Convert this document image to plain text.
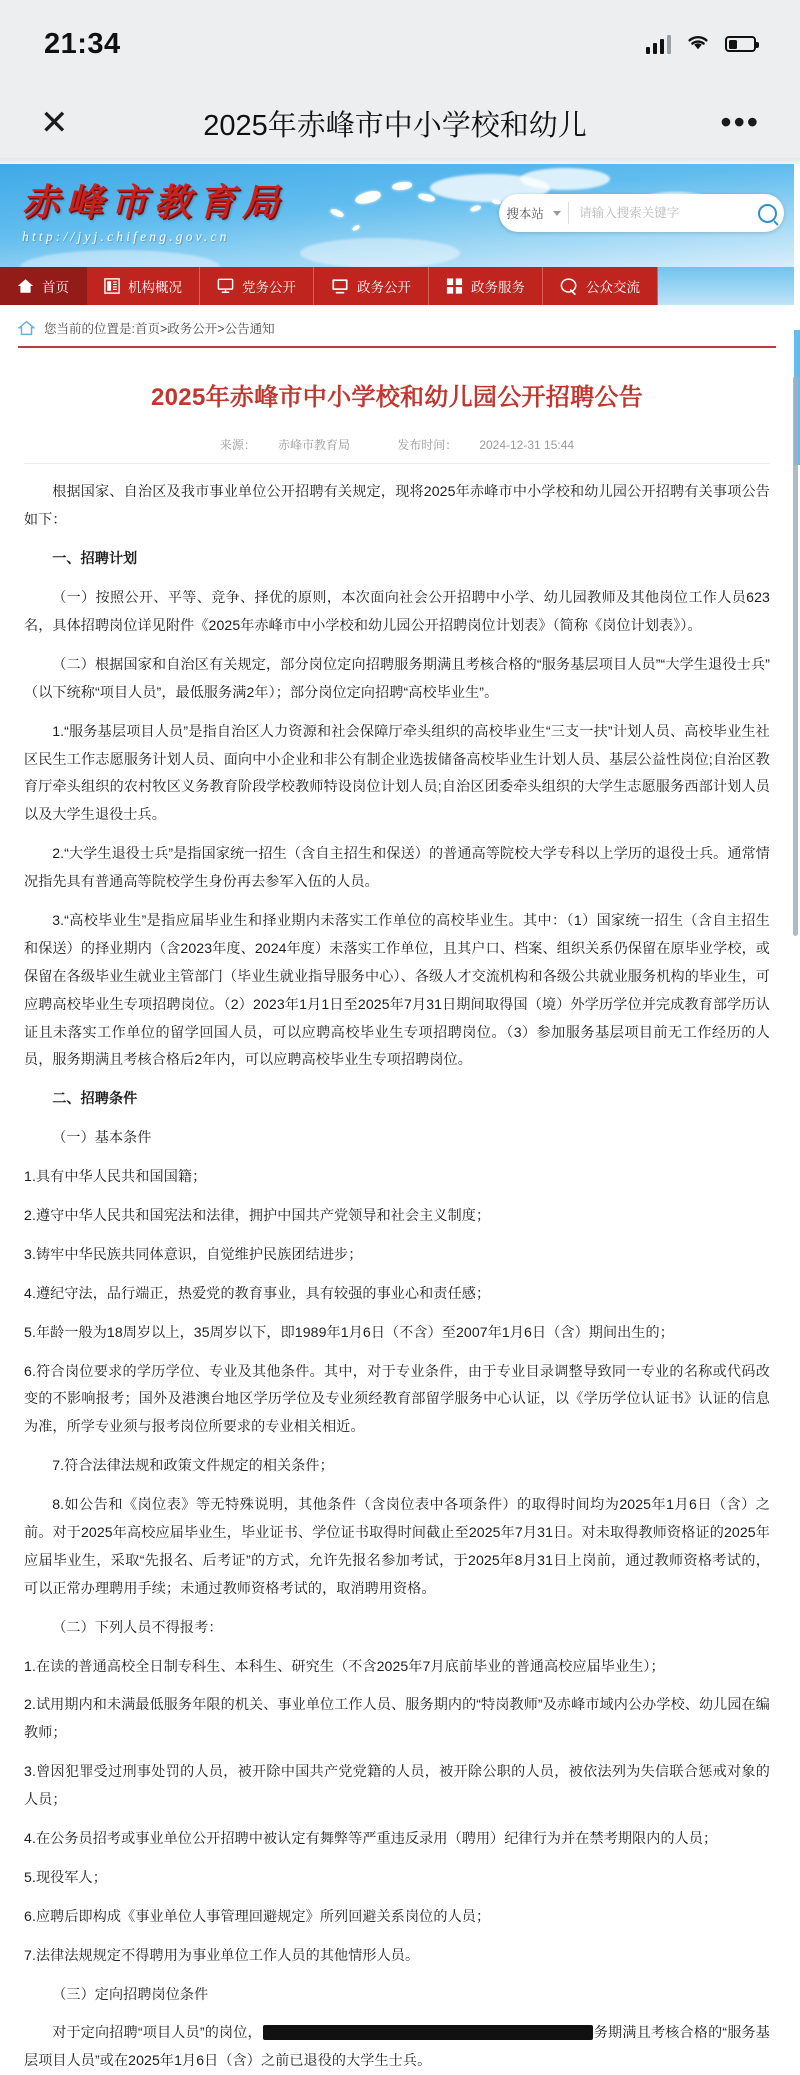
21:34
✕	2025年赤峰市中小学校和幼儿	•••
赤峰市教育局
http://jyj.chifeng.gov.cn
搜本站
请输入搜索关键字
首页	机构概况	党务公开	政务公开	政务服务	公众交流
您当前的位置是:首页>政务公开>公告通知
2025年赤峰市中小学校和幼儿园公开招聘公告
来源： 赤峰市教育局	发布时间： 2024-12-31 15:44

根据国家、自治区及我市事业单位公开招聘有关规定，现将2025年赤峰市中小学校和幼儿园公开招聘有关事项公告如下：

一、招聘计划

（一）按照公开、平等、竞争、择优的原则，本次面向社会公开招聘中小学、幼儿园教师及其他岗位工作人员623名，具体招聘岗位详见附件《2025年赤峰市中小学校和幼儿园公开招聘岗位计划表》（简称《岗位计划表》）。

（二）根据国家和自治区有关规定，部分岗位定向招聘服务期满且考核合格的“服务基层项目人员”“大学生退役士兵”（以下统称“项目人员”，最低服务满2年）；部分岗位定向招聘“高校毕业生”。

1.“服务基层项目人员”是指自治区人力资源和社会保障厅牵头组织的高校毕业生“三支一扶”计划人员、高校毕业生社区民生工作志愿服务计划人员、面向中小企业和非公有制企业选拔储备高校毕业生计划人员、基层公益性岗位;自治区教育厅牵头组织的农村牧区义务教育阶段学校教师特设岗位计划人员;自治区团委牵头组织的大学生志愿服务西部计划人员以及大学生退役士兵。

2.“大学生退役士兵”是指国家统一招生（含自主招生和保送）的普通高等院校大学专科以上学历的退役士兵。通常情况指先具有普通高等院校学生身份再去参军入伍的人员。

3.“高校毕业生”是指应届毕业生和择业期内未落实工作单位的高校毕业生。其中：（1）国家统一招生（含自主招生和保送）的择业期内（含2023年度、2024年度）未落实工作单位，且其户口、档案、组织关系仍保留在原毕业学校，或保留在各级毕业生就业主管部门（毕业生就业指导服务中心）、各级人才交流机构和各级公共就业服务机构的毕业生，可应聘高校毕业生专项招聘岗位。（2）2023年1月1日至2025年7月31日期间取得国（境）外学历学位并完成教育部学历认证且未落实工作单位的留学回国人员，可以应聘高校毕业生专项招聘岗位。（3）参加服务基层项目前无工作经历的人员，服务期满且考核合格后2年内，可以应聘高校毕业生专项招聘岗位。

二、招聘条件

（一）基本条件

1.具有中华人民共和国国籍；

2.遵守中华人民共和国宪法和法律，拥护中国共产党领导和社会主义制度；

3.铸牢中华民族共同体意识，自觉维护民族团结进步；

4.遵纪守法，品行端正，热爱党的教育事业，具有较强的事业心和责任感；

5.年龄一般为18周岁以上，35周岁以下，即1989年1月6日（不含）至2007年1月6日（含）期间出生的；

6.符合岗位要求的学历学位、专业及其他条件。其中，对于专业条件，由于专业目录调整导致同一专业的名称或代码改变的不影响报考；国外及港澳台地区学历学位及专业须经教育部留学服务中心认证，以《学历学位认证书》认证的信息为准，所学专业须与报考岗位所要求的专业相关相近。

7.符合法律法规和政策文件规定的相关条件；

8.如公告和《岗位表》等无特殊说明，其他条件（含岗位表中各项条件）的取得时间均为2025年1月6日（含）之前。对于2025年高校应届毕业生，毕业证书、学位证书取得时间截止至2025年7月31日。对未取得教师资格证的2025年应届毕业生，采取“先报名、后考证”的方式，允许先报名参加考试，于2025年8月31日上岗前，通过教师资格考试的，可以正常办理聘用手续；未通过教师资格考试的，取消聘用资格。

（二）下列人员不得报考：

1.在读的普通高校全日制专科生、本科生、研究生（不含2025年7月底前毕业的普通高校应届毕业生）；

2.试用期内和未满最低服务年限的机关、事业单位工作人员、服务期内的“特岗教师”及赤峰市域内公办学校、幼儿园在编教师；

3.曾因犯罪受过刑事处罚的人员，被开除中国共产党党籍的人员，被开除公职的人员，被依法列为失信联合惩戒对象的人员；

4.在公务员招考或事业单位公开招聘中被认定有舞弊等严重违反录用（聘用）纪律行为并在禁考期限内的人员；

5.现役军人；

6.应聘后即构成《事业单位人事管理回避规定》所列回避关系岗位的人员；

7.法律法规规定不得聘用为事业单位工作人员的其他情形人员。

（三）定向招聘岗位条件

对于定向招聘“项目人员”的岗位，	务期满且考核合格的“服务基层项目人员”或在2025年1月6日（含）之前已退役的大学生士兵。
